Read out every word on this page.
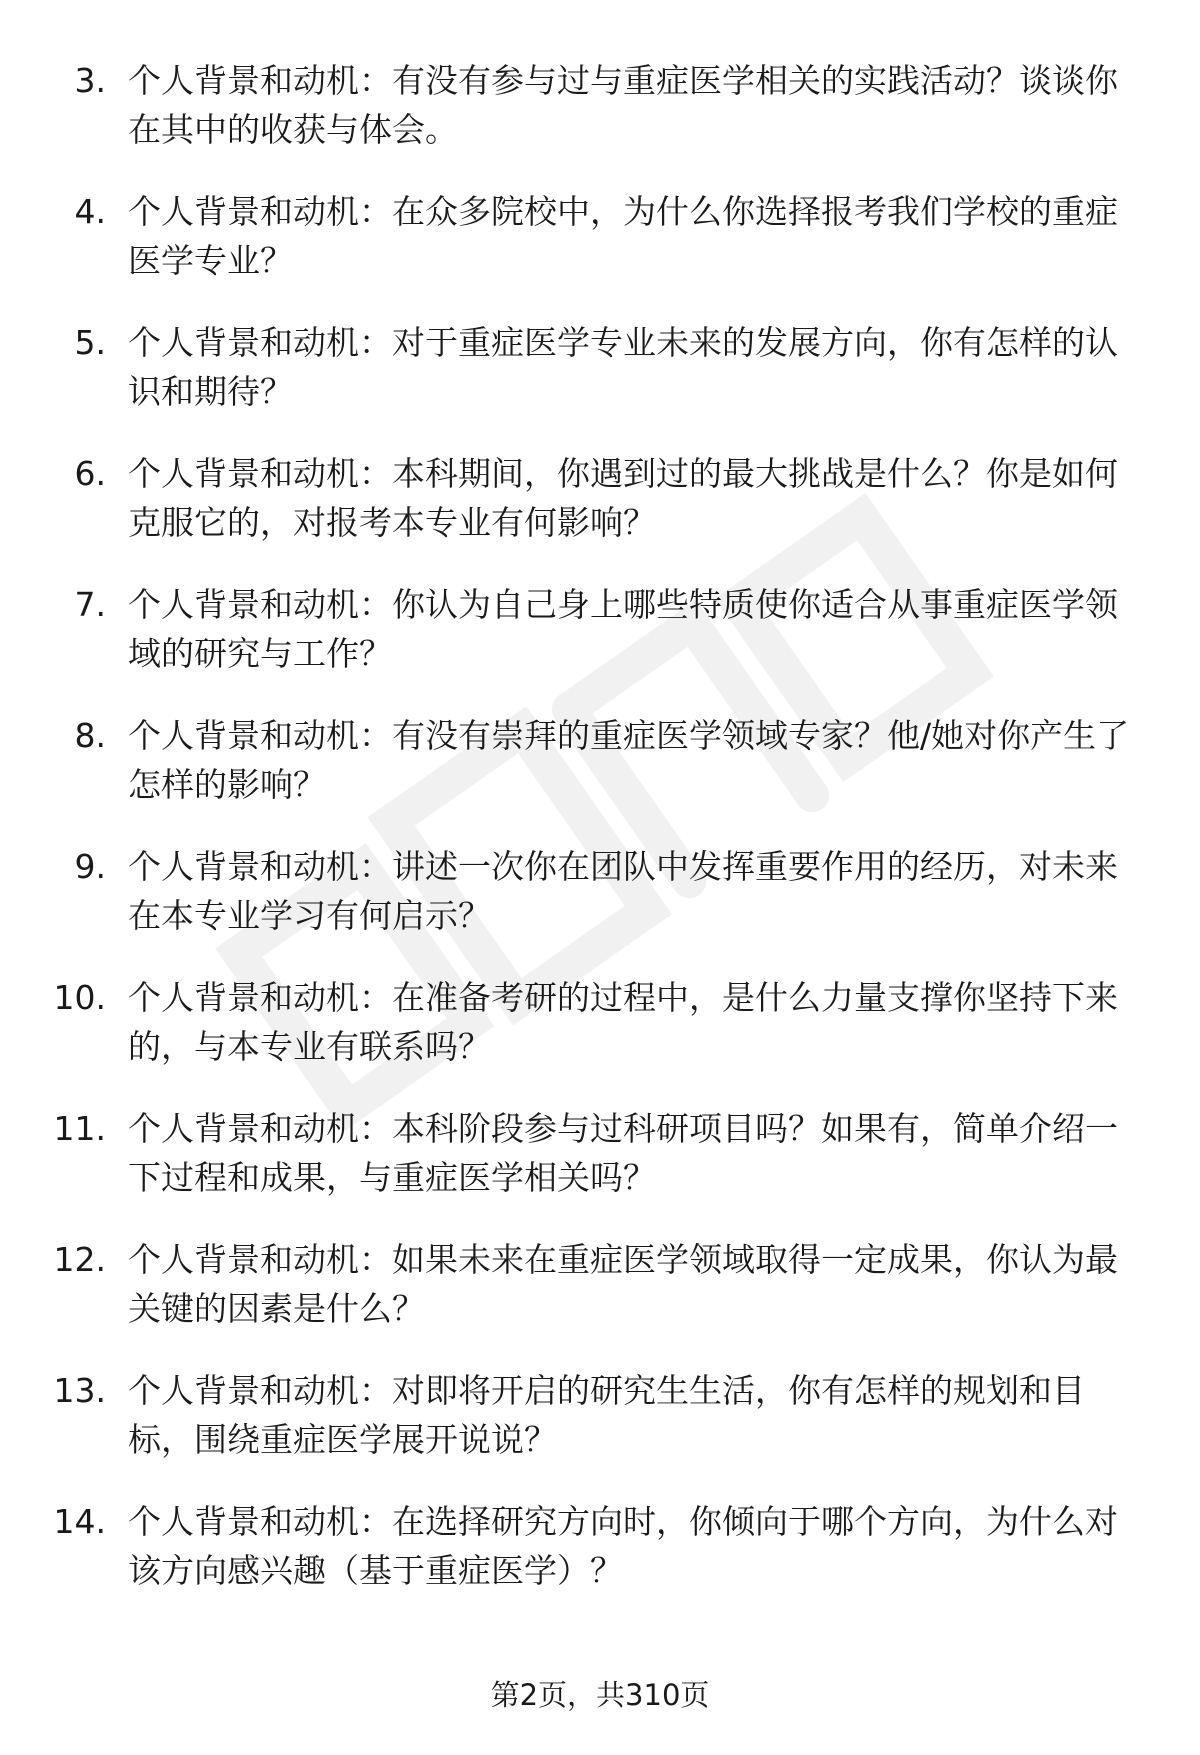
3. 个人背景和动机：有没有参与过与重症医学相关的实践活动？谈谈你在其中的收获与体会。
4. 个人背景和动机：在众多院校中，为什么你选择报考我们学校的重症医学专业？
5. 个人背景和动机：对于重症医学专业未来的发展方向，你有怎样的认识和期待？
6. 个人背景和动机：本科期间，你遇到过的最大挑战是什么？你是如何克服它的，对报考本专业有何影响？
7. 个人背景和动机：你认为自己身上哪些特质使你适合从事重症医学领域的研究与工作？
8. 个人背景和动机：有没有崇拜的重症医学领域专家？他/她对你产生了怎样的影响？
9. 个人背景和动机：讲述一次你在团队中发挥重要作用的经历，对未来在本专业学习有何启示？
10. 个人背景和动机：在准备考研的过程中，是什么力量支撑你坚持下来的，与本专业有联系吗？
11. 个人背景和动机：本科阶段参与过科研项目吗？如果有，简单介绍一下过程和成果，与重症医学相关吗？
12. 个人背景和动机：如果未来在重症医学领域取得一定成果，你认为最关键的因素是什么？
13. 个人背景和动机：对即将开启的研究生生活，你有怎样的规划和目标，围绕重症医学展开说说？
14. 个人背景和动机：在选择研究方向时，你倾向于哪个方向，为什么对该方向感兴趣（基于重症医学）？
第2页，共310页
